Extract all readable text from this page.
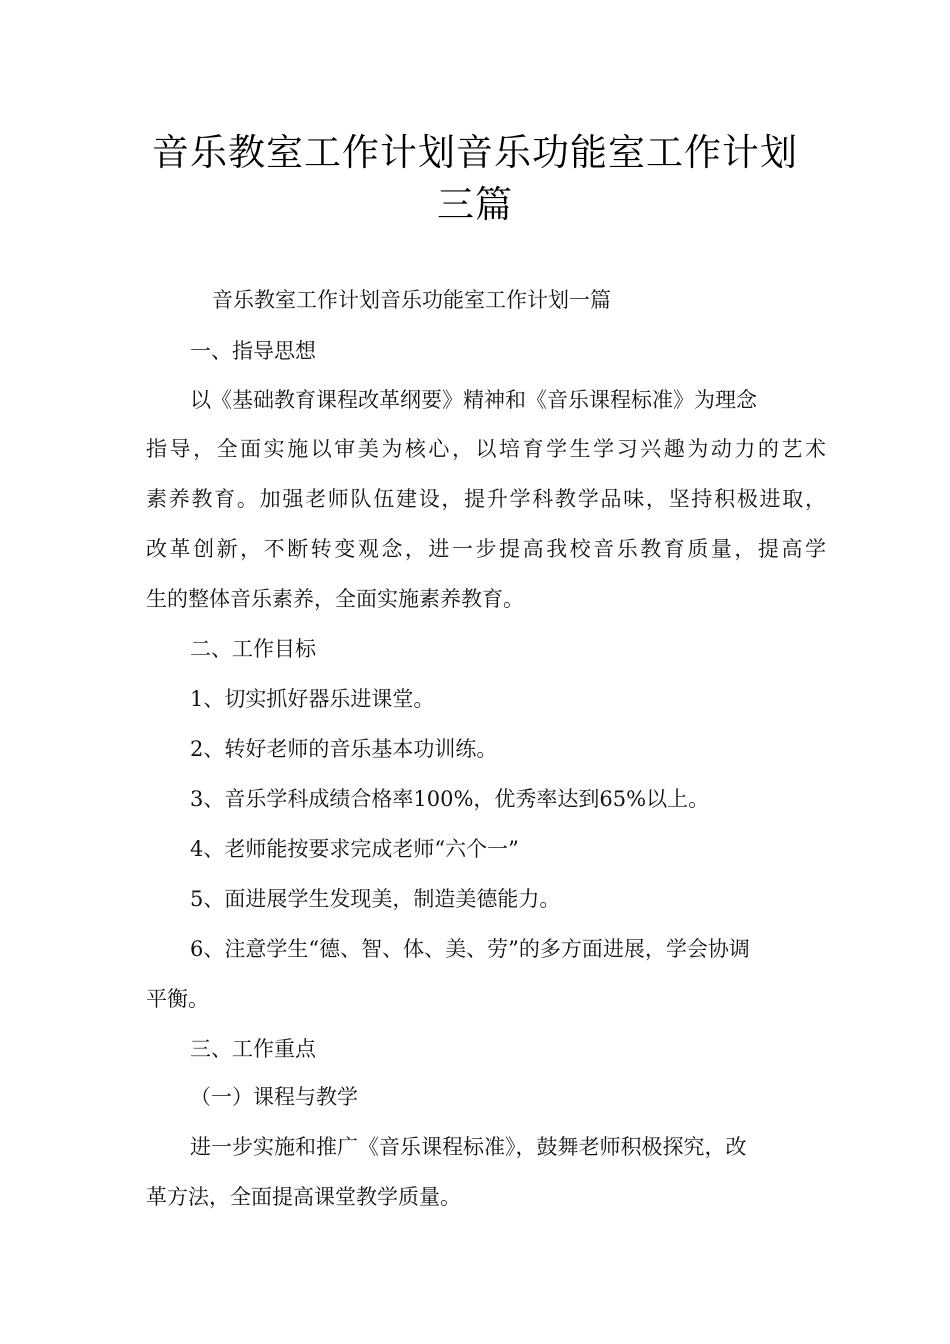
音乐教室工作计划音乐功能室工作计划
三篇
音乐教室工作计划音乐功能室工作计划一篇
一、指导思想
以《基础教育课程改革纲要》精神和《音乐课程标准》为理念
指导，全面实施以审美为核心，以培育学生学习兴趣为动力的艺术
素养教育。加强老师队伍建设，提升学科教学品味，坚持积极进取，
改革创新，不断转变观念，进一步提高我校音乐教育质量，提高学
生的整体音乐素养，全面实施素养教育。
二、工作目标
1、切实抓好器乐进课堂。
2、转好老师的音乐基本功训练。
3、音乐学科成绩合格率100%，优秀率达到65%以上。
4、老师能按要求完成老师“六个一”
5、面进展学生发现美，制造美德能力。
6、注意学生“德、智、体、美、劳”的多方面进展，学会协调
平衡。
三、工作重点
（一）课程与教学
进一步实施和推广《音乐课程标准》，鼓舞老师积极探究，改
革方法，全面提高课堂教学质量。
